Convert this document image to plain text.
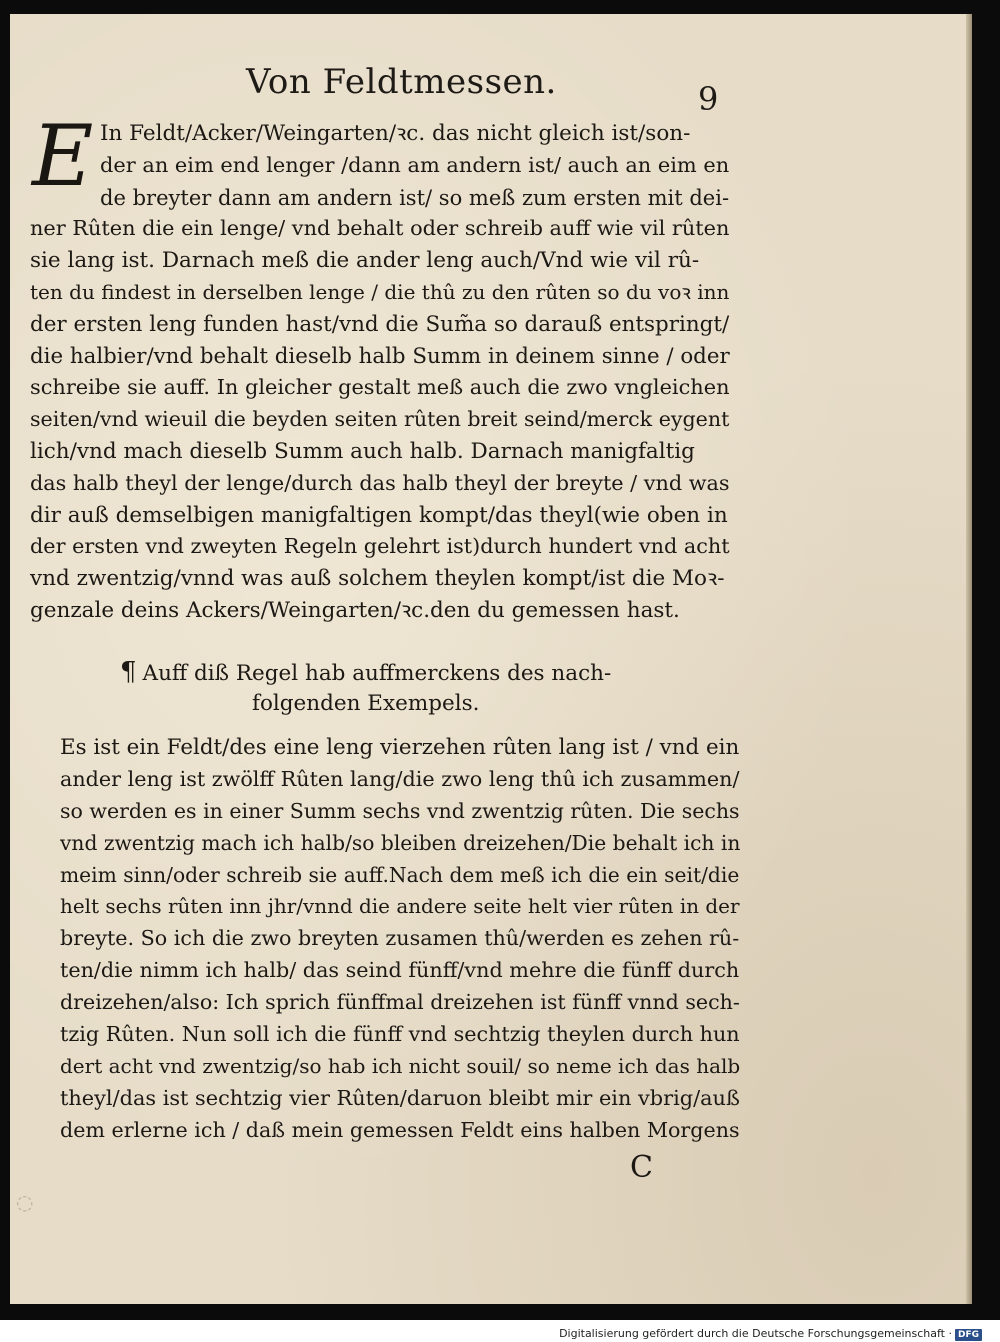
Von Feldtmessen.	9
E In Feldt/Acker/Weingarten/ꝛc. das nicht gleich ist/son-
der an eim end lenger /dann am andern ist/ auch an eim en
de breyter dann am andern ist/ so meß zum ersten mit dei-
ner Rûten die ein lenge/ vnd behalt oder schreib auff wie vil rûten
sie lang ist. Darnach meß die ander leng auch/Vnd wie vil rû-
ten du findest in derselben lenge / die thû zu den rûten so du voꝛ inn
der ersten leng funden hast/vnd die Sum̃a so darauß entspringt/
die halbier/vnd behalt dieselb halb Summ in deinem sinne / oder
schreibe sie auff. In gleicher gestalt meß auch die zwo vngleichen
seiten/vnd wieuil die beyden seiten rûten breit seind/merck eygent
lich/vnd mach dieselb Summ auch halb. Darnach manigfaltig
das halb theyl der lenge/durch das halb theyl der breyte / vnd was
dir auß demselbigen manigfaltigen kompt/das theyl(wie oben in
der ersten vnd zweyten Regeln gelehrt ist)durch hundert vnd acht
vnd zwentzig/vnnd was auß solchem theylen kompt/ist die Moꝛ-
genzale deins Ackers/Weingarten/ꝛc.den du gemessen hast.
¶ Auff diß Regel hab auffmerckens des nach-
folgenden Exempels.
Es ist ein Feldt/des eine leng vierzehen rûten lang ist / vnd ein
ander leng ist zwölff Rûten lang/die zwo leng thû ich zusammen/
so werden es in einer Summ sechs vnd zwentzig rûten. Die sechs
vnd zwentzig mach ich halb/so bleiben dreizehen/Die behalt ich in
meim sinn/oder schreib sie auff.Nach dem meß ich die ein seit/die
helt sechs rûten inn jhr/vnnd die andere seite helt vier rûten in der
breyte. So ich die zwo breyten zusamen thû/werden es zehen rû-
ten/die nimm ich halb/ das seind fünff/vnd mehre die fünff durch
dreizehen/also: Ich sprich fünffmal dreizehen ist fünff vnnd sech-
tzig Rûten. Nun soll ich die fünff vnd sechtzig theylen durch hun
dert acht vnd zwentzig/so hab ich nicht souil/ so neme ich das halb
theyl/das ist sechtzig vier Rûten/daruon bleibt mir ein vbrig/auß
dem erlerne ich / daß mein gemessen Feldt eins halben Morgens
C
◌
Digitalisierung gefördert durch die Deutsche Forschungsgemeinschaft · DFG
